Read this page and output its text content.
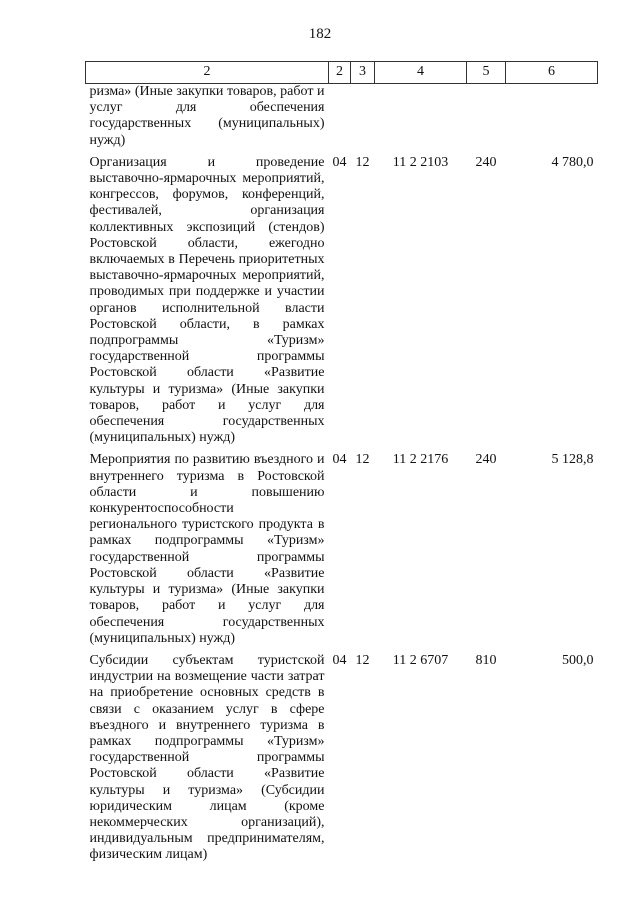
182
2	2	3	4	5	6
ризма» (Иные закупки товаров, работ и услуг для обеспечения государственных (муниципальных) нужд)					
Организация и проведение выставочно-ярмарочных мероприятий, конгрессов, форумов, конференций, фестивалей, организация коллективных экспозиций (стендов) Ростовской области, ежегодно включаемых в Перечень приоритетных выставочно-ярмарочных мероприятий, проводимых при поддержке и участии органов исполнительной власти Ростовской области, в рамках подпрограммы «Туризм» государственной программы Ростовской области «Развитие культуры и туризма» (Иные закупки товаров, работ и услуг для обеспечения государственных (муниципальных) нужд)	04	12	11 2 2103	240	4 780,0
Мероприятия по развитию въездного и внутреннего туризма в Ростовской области и повышению конкурентоспособности регионального туристского продукта в рамках подпрограммы «Туризм» государственной программы Ростовской области «Развитие культуры и туризма» (Иные закупки товаров, работ и услуг для обеспечения государственных (муниципальных) нужд)	04	12	11 2 2176	240	5 128,8
Субсидии субъектам туристской индустрии на возмещение части затрат на приобретение основных средств в связи с оказанием услуг в сфере въездного и внутреннего туризма в рамках подпрограммы «Туризм» государственной программы Ростовской области «Развитие культуры и туризма» (Субсидии юридическим лицам (кроме некоммерческих организаций), индивидуальным предпринимателям, физическим лицам)	04	12	11 2 6707	810	500,0
